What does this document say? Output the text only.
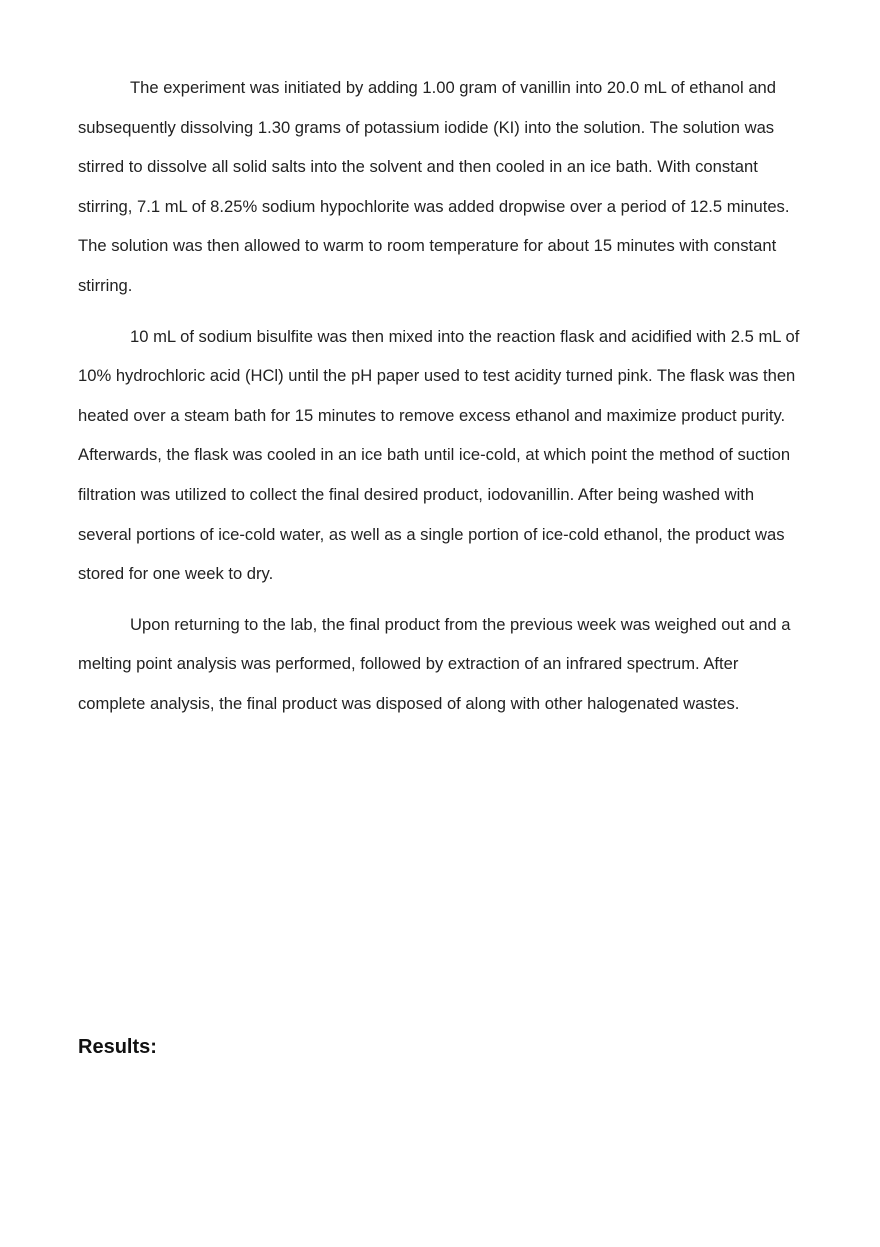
The experiment was initiated by adding 1.00 gram of vanillin into 20.0 mL of ethanol and subsequently dissolving 1.30 grams of potassium iodide (KI) into the solution. The solution was stirred to dissolve all solid salts into the solvent and then cooled in an ice bath. With constant stirring, 7.1 mL of 8.25% sodium hypochlorite was added dropwise over a period of 12.5 minutes. The solution was then allowed to warm to room temperature for about 15 minutes with constant stirring.

10 mL of sodium bisulfite was then mixed into the reaction flask and acidified with 2.5 mL of 10% hydrochloric acid (HCl) until the pH paper used to test acidity turned pink. The flask was then heated over a steam bath for 15 minutes to remove excess ethanol and maximize product purity. Afterwards, the flask was cooled in an ice bath until ice-cold, at which point the method of suction filtration was utilized to collect the final desired product, iodovanillin. After being washed with several portions of ice-cold water, as well as a single portion of ice-cold ethanol, the product was stored for one week to dry.

Upon returning to the lab, the final product from the previous week was weighed out and a melting point analysis was performed, followed by extraction of an infrared spectrum. After complete analysis, the final product was disposed of along with other halogenated wastes.

Results:
